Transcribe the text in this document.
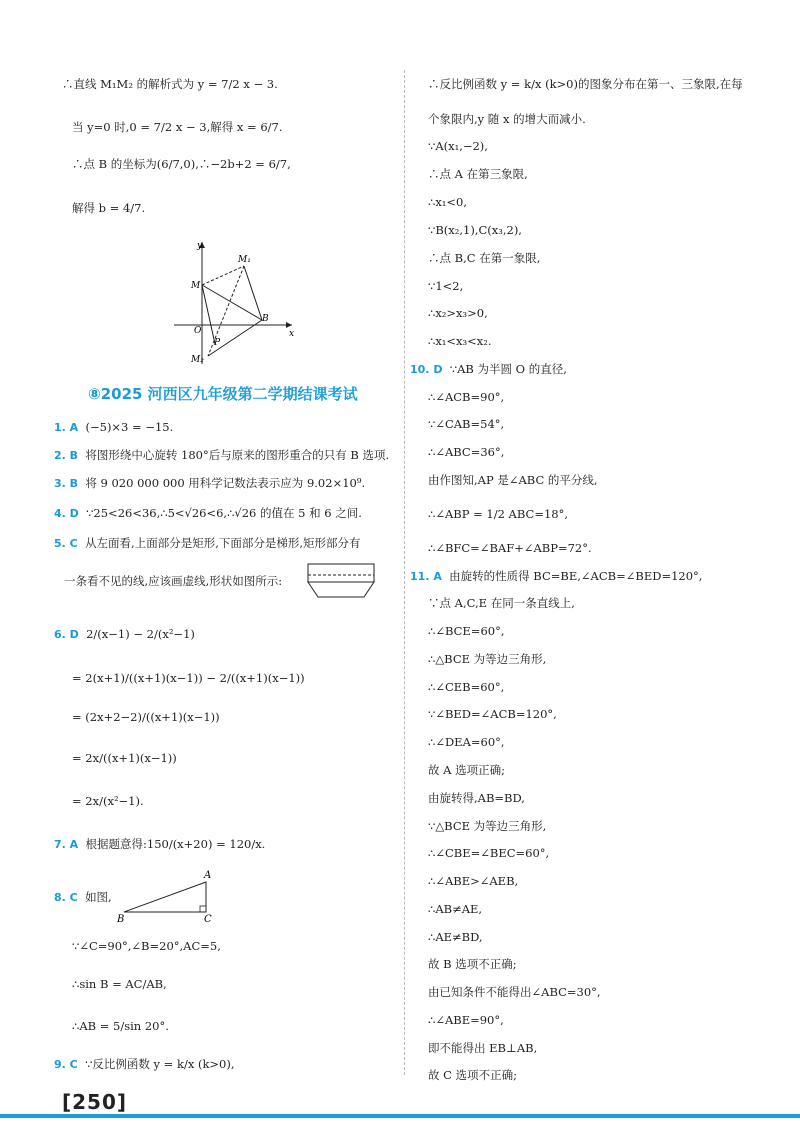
∴直线 M₁M₂ 的解析式为 y = 7/2 x − 3.
当 y=0 时,0 = 7/2 x − 3,解得 x = 6/7.
∴点 B 的坐标为(6/7,0),∴−2b+2 = 6/7,
解得 b = 4/7.
y
x
M₁
M
B
O
P
M₂
⑧2025 河西区九年级第二学期结课考试
1. A (−5)×3 = −15.
2. B 将图形绕中心旋转 180°后与原来的图形重合的只有 B 选项.
3. B 将 9 020 000 000 用科学记数法表示应为 9.02×10⁹.
4. D ∵25<26<36,∴5<√26<6,∴√26 的值在 5 和 6 之间.
5. C 从左面看,上面部分是矩形,下面部分是梯形,矩形部分有
一条看不见的线,应该画虚线,形状如图所示:
6. D 2/(x−1) − 2/(x²−1)
= 2(x+1)/((x+1)(x−1)) − 2/((x+1)(x−1))
= (2x+2−2)/((x+1)(x−1))
= 2x/((x+1)(x−1))
= 2x/(x²−1).
7. A 根据题意得:150/(x+20) = 120/x.
8. C 如图,
A
B	C
∵∠C=90°,∠B=20°,AC=5,
∴sin B = AC/AB,
∴AB = 5/sin 20°.
9. C ∵反比例函数 y = k/x (k>0),
∴反比例函数 y = k/x (k>0)的图象分布在第一、三象限,在每
个象限内,y 随 x 的增大而减小.
∵A(x₁,−2),
∴点 A 在第三象限,
∴x₁<0,
∵B(x₂,1),C(x₃,2),
∴点 B,C 在第一象限,
∵1<2,
∴x₂>x₃>0,
∴x₁<x₃<x₂.
10. D ∵AB 为半圆 O 的直径,
∴∠ACB=90°,
∵∠CAB=54°,
∴∠ABC=36°,
由作图知,AP 是∠ABC 的平分线,
∴∠ABP = 1/2 ABC=18°,
∴∠BFC=∠BAF+∠ABP=72°.
11. A 由旋转的性质得 BC=BE,∠ACB=∠BED=120°,
∵点 A,C,E 在同一条直线上,
∴∠BCE=60°,
∴△BCE 为等边三角形,
∴∠CEB=60°,
∵∠BED=∠ACB=120°,
∴∠DEA=60°,
故 A 选项正确;
由旋转得,AB=BD,
∵△BCE 为等边三角形,
∴∠CBE=∠BEC=60°,
∴∠ABE>∠AEB,
∴AB≠AE,
∴AE≠BD,
故 B 选项不正确;
由已知条件不能得出∠ABC=30°,
∴∠ABE=90°,
即不能得出 EB⊥AB,
故 C 选项不正确;
[250]
